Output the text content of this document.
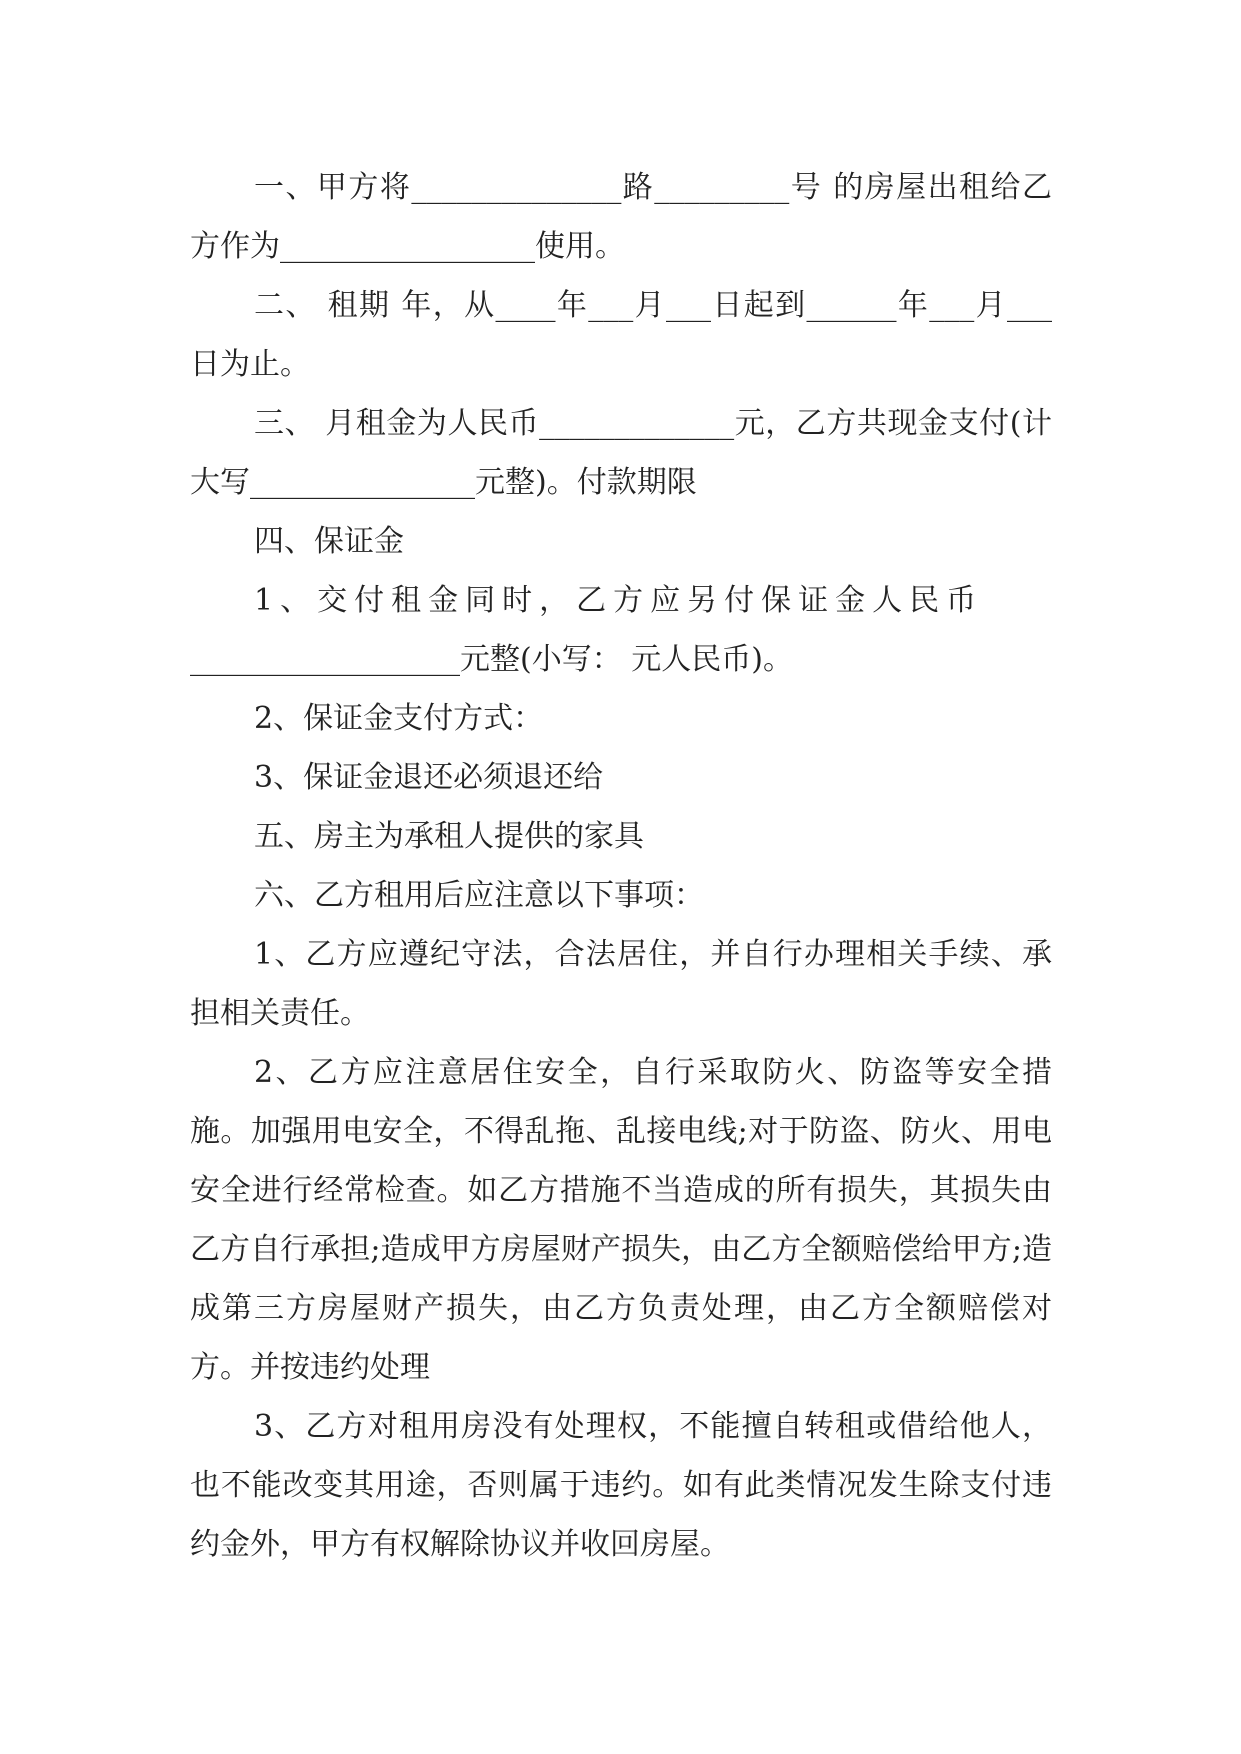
一、甲方将______________路_________号 的房屋出租给乙方作为_________________使用。

二、 租期 年，从____年___月___日起到______年___月___日为止。

三、 月租金为人民币_____________元，乙方共现金支付(计大写_______________元整)。付款期限

四、保证金

1、交付租金同时，乙方应另付保证金人民币

__________________元整(小写： 元人民币)。

2、保证金支付方式：

3、保证金退还必须退还给

五、房主为承租人提供的家具

六、乙方租用后应注意以下事项：

1、乙方应遵纪守法，合法居住，并自行办理相关手续、承担相关责任。

2、乙方应注意居住安全，自行采取防火、防盗等安全措施。加强用电安全，不得乱拖、乱接电线;对于防盗、防火、用电安全进行经常检查。如乙方措施不当造成的所有损失，其损失由乙方自行承担;造成甲方房屋财产损失，由乙方全额赔偿给甲方;造成第三方房屋财产损失，由乙方负责处理，由乙方全额赔偿对方。并按违约处理

3、乙方对租用房没有处理权，不能擅自转租或借给他人，也不能改变其用途，否则属于违约。如有此类情况发生除支付违约金外，甲方有权解除协议并收回房屋。
